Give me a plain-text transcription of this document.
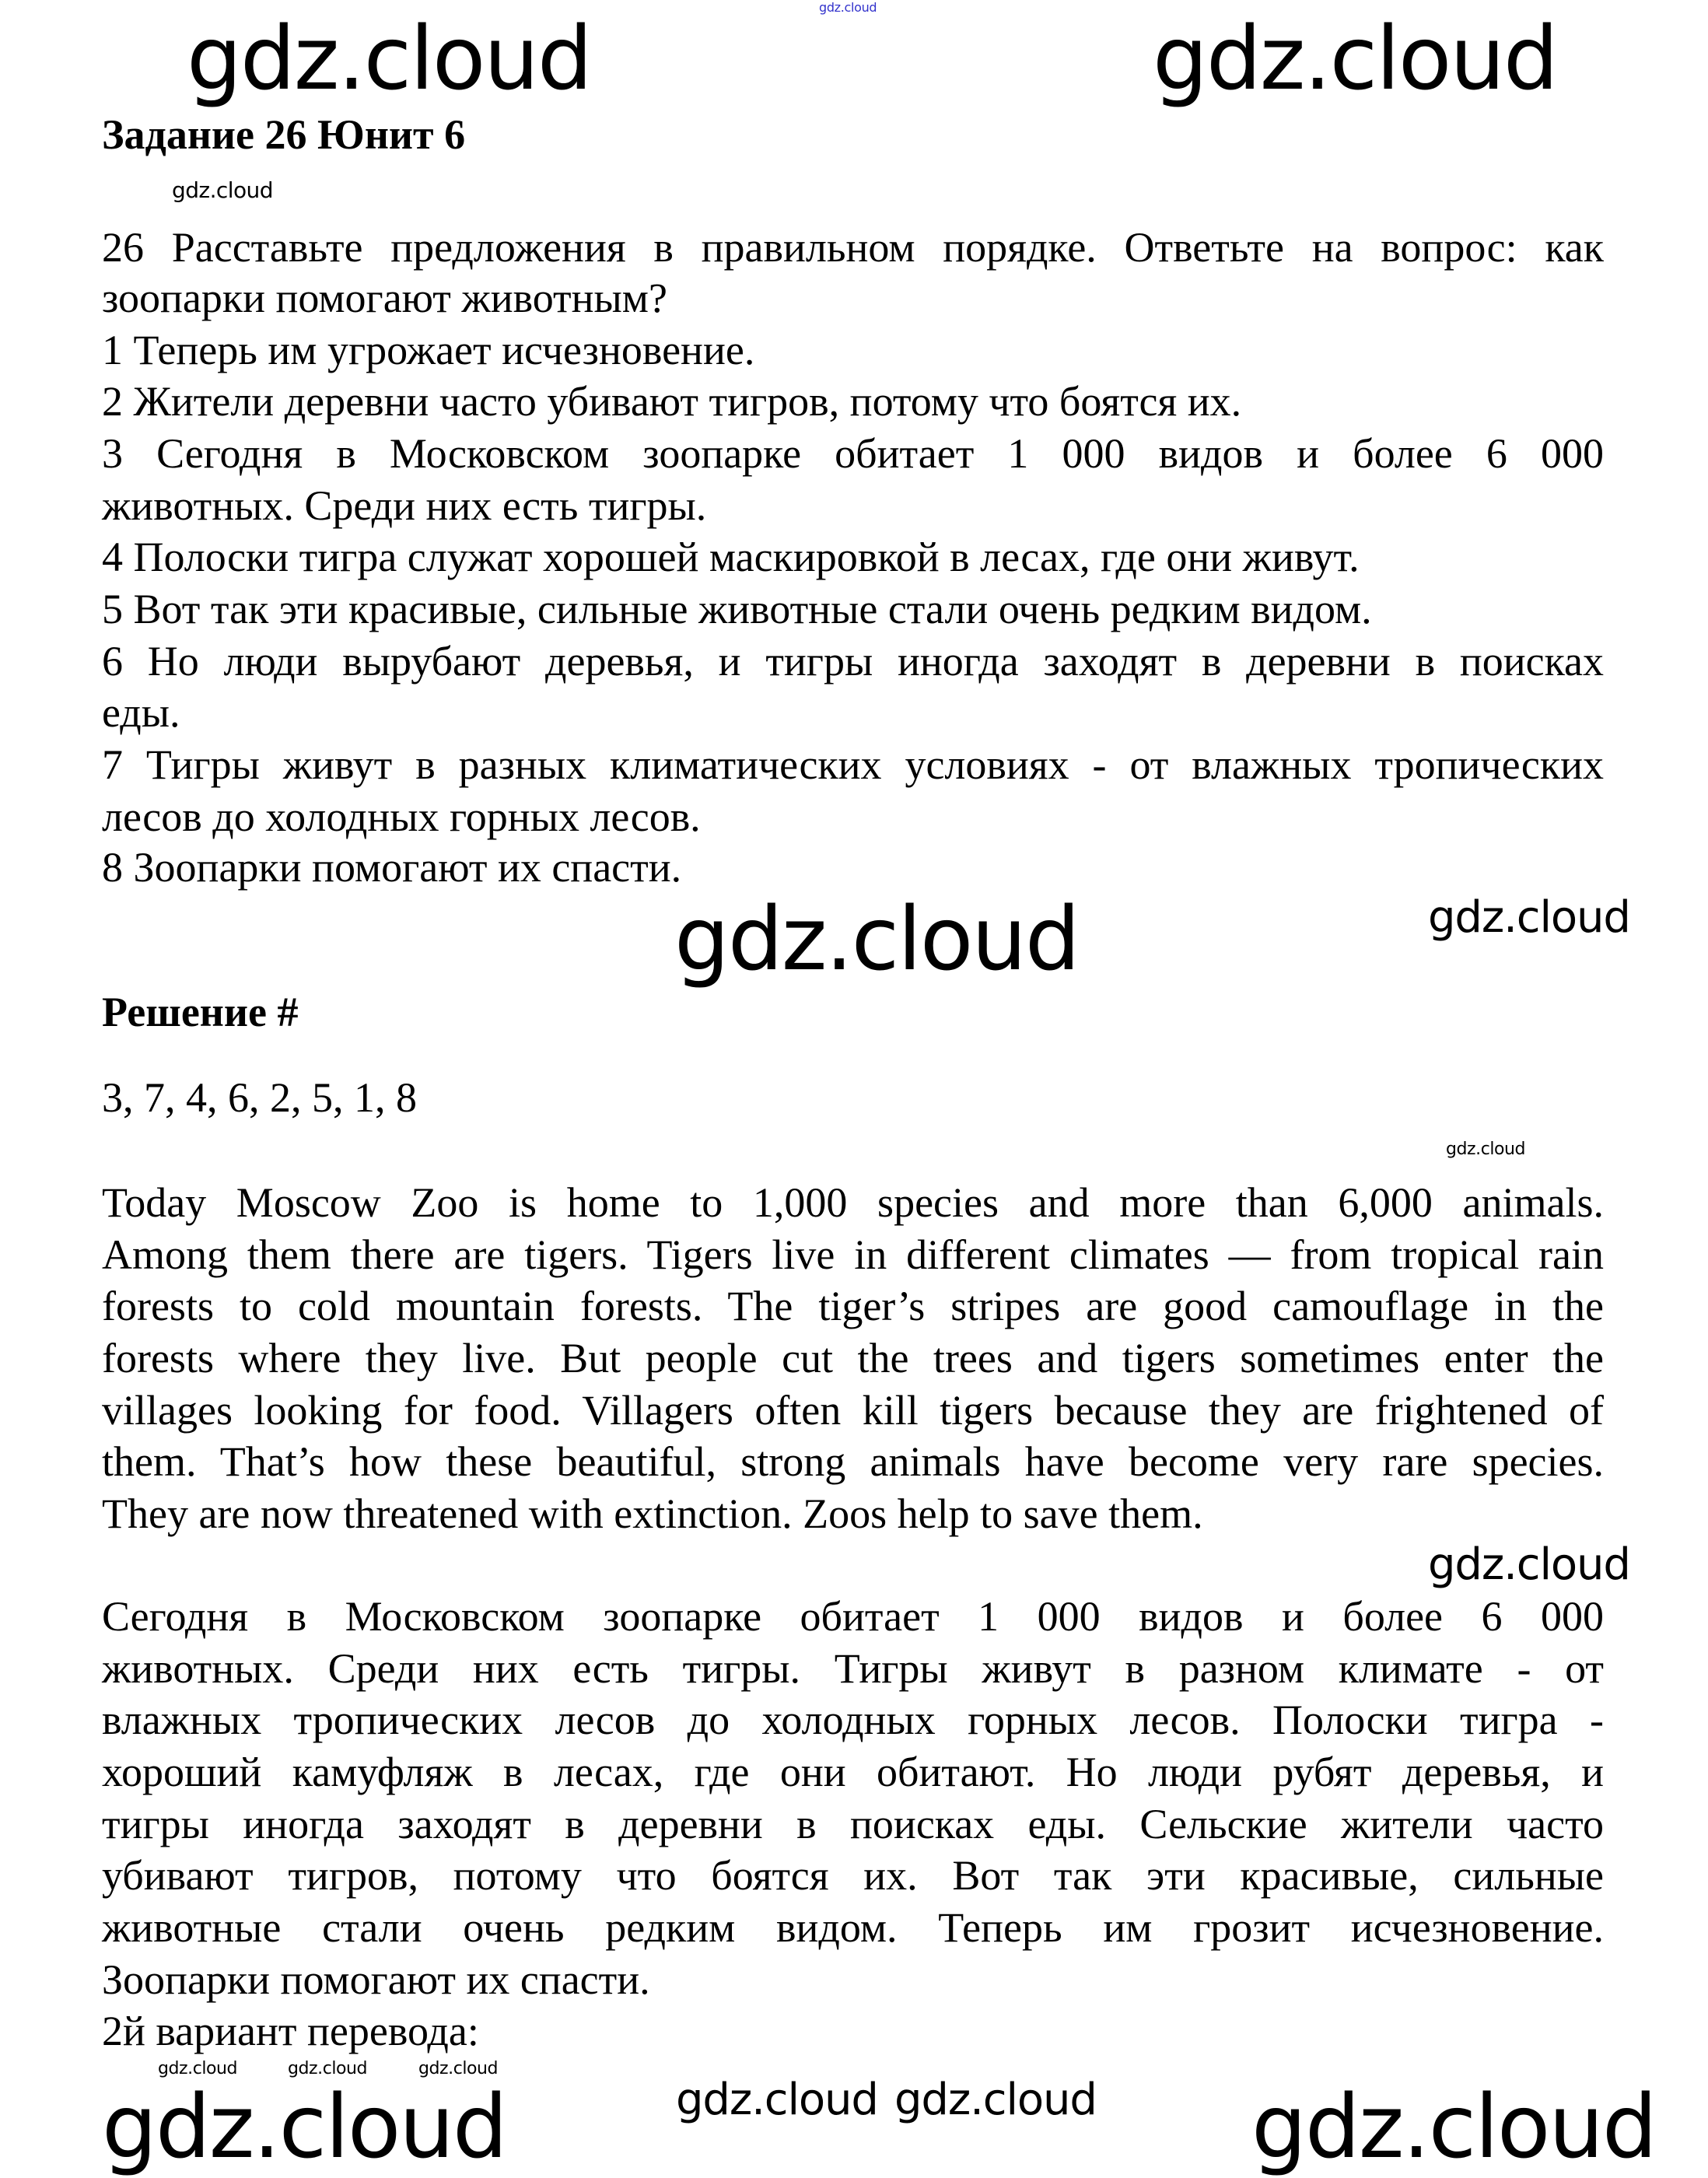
gdz.cloud
Задание 26 Юнит 6
26 Расставьте предложения в правильном порядке. Ответьте на вопрос: как
зоопарки помогают животным?
1 Теперь им угрожает исчезновение.
2 Жители деревни часто убивают тигров, потому что боятся их.
3 Сегодня в Московском зоопарке обитает 1 000 видов и более 6 000
животных. Среди них есть тигры.
4 Полоски тигра служат хорошей маскировкой в лесах, где они живут.
5 Вот так эти красивые, сильные животные стали очень редким видом.
6 Но люди вырубают деревья, и тигры иногда заходят в деревни в поисках
еды.
7 Тигры живут в разных климатических условиях - от влажных тропических
лесов до холодных горных лесов.
8 Зоопарки помогают их спасти.
Решение #
3, 7, 4, 6, 2, 5, 1, 8
Today Moscow Zoo is home to 1,000 species and more than 6,000 animals.
Among them there are tigers. Tigers live in different climates — from tropical rain
forests to cold mountain forests. The tiger’s stripes are good camouflage in the
forests where they live. But people cut the trees and tigers sometimes enter the
villages looking for food. Villagers often kill tigers because they are frightened of
them. That’s how these beautiful, strong animals have become very rare species.
They are now threatened with extinction. Zoos help to save them.
Сегодня в Московском зоопарке обитает 1 000 видов и более 6 000
животных. Среди них есть тигры. Тигры живут в разном климате - от
влажных тропических лесов до холодных горных лесов. Полоски тигра -
хороший камуфляж в лесах, где они обитают. Но люди рубят деревья, и
тигры иногда заходят в деревни в поисках еды. Сельские жители часто
убивают тигров, потому что боятся их. Вот так эти красивые, сильные
животные стали очень редким видом. Теперь им грозит исчезновение.
Зоопарки помогают их спасти.
2й вариант перевода:
gdz.cloud	gdz.cloud
gdz.cloud
gdz.cloud
gdz.cloud
gdz.cloud
gdz.cloud
gdz.cloud
gdz.cloud	gdz.cloud	gdz.cloud
gdz.cloud
gdz.cloud	gdz.cloud
